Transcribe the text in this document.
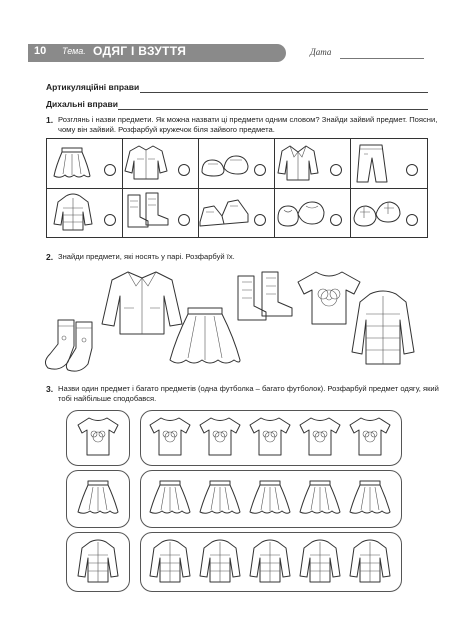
10 Тема. ОДЯГ І ВЗУТТЯ	Дата
Артикуляційні вправи
Дихальні вправи
1. Розглянь і назви предмети. Як можна назвати ці предмети одним словом? Знайди зайвий предмет. Поясни,
чому він зайвий. Розфарбуй кружечок біля зайвого предмета.
2. Знайди предмети, які носять у парі. Розфарбуй їх.
3. Назви один предмет і багато предметів (одна футболка – багато футболок). Розфарбуй предмет одягу, який
тобі найбільше сподобався.
